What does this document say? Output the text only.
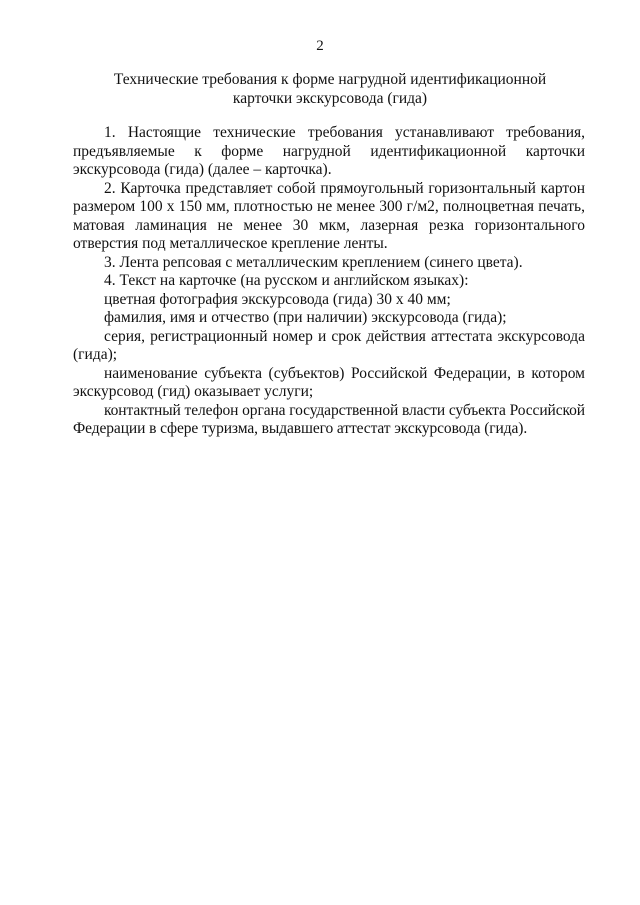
2
Технические требования к форме нагрудной идентификационной
карточки экскурсовода (гида)

1. Настоящие технические требования устанавливают требования, предъявляемые к форме нагрудной идентификационной карточки экскурсовода (гида) (далее – карточка).

2. Карточка представляет собой прямоугольный горизонтальный картон размером 100 х 150 мм, плотностью не менее 300 г/м2, полноцветная печать, матовая ламинация не менее 30 мкм, лазерная резка горизонтального отверстия под металлическое крепление ленты.

3. Лента репсовая с металлическим креплением (синего цвета).

4. Текст на карточке (на русском и английском языках):

цветная фотография экскурсовода (гида) 30 х 40 мм;

фамилия, имя и отчество (при наличии) экскурсовода (гида);

серия, регистрационный номер и срок действия аттестата экскурсовода (гида);

наименование субъекта (субъектов) Российской Федерации, в котором экскурсовод (гид) оказывает услуги;

контактный телефон органа государственной власти субъекта Российской Федерации в сфере туризма, выдавшего аттестат экскурсовода (гида).
